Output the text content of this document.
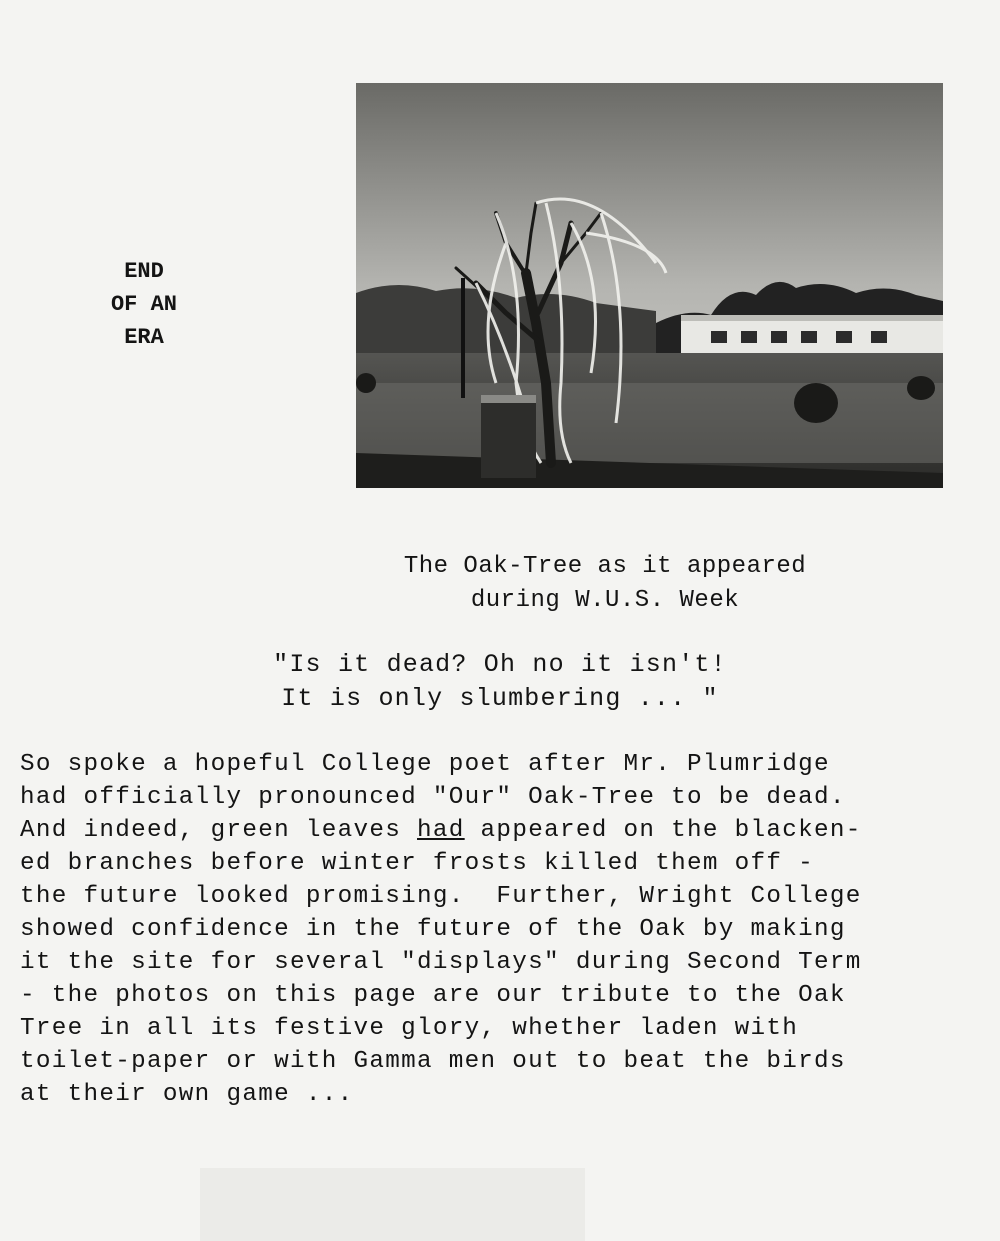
END
OF AN
ERA
The Oak-Tree as it appeared
during W.U.S. Week
"Is it dead? Oh no it isn't!
It is only slumbering ... "
So spoke a hopeful College poet after Mr. Plumridge
had officially pronounced "Our" Oak-Tree to be dead.
And indeed, green leaves had appeared on the blacken-
ed branches before winter frosts killed them off -
the future looked promising.  Further, Wright College
showed confidence in the future of the Oak by making
it the site for several "displays" during Second Term
- the photos on this page are our tribute to the Oak
Tree in all its festive glory, whether laden with
toilet-paper or with Gamma men out to beat the birds
at their own game ...
